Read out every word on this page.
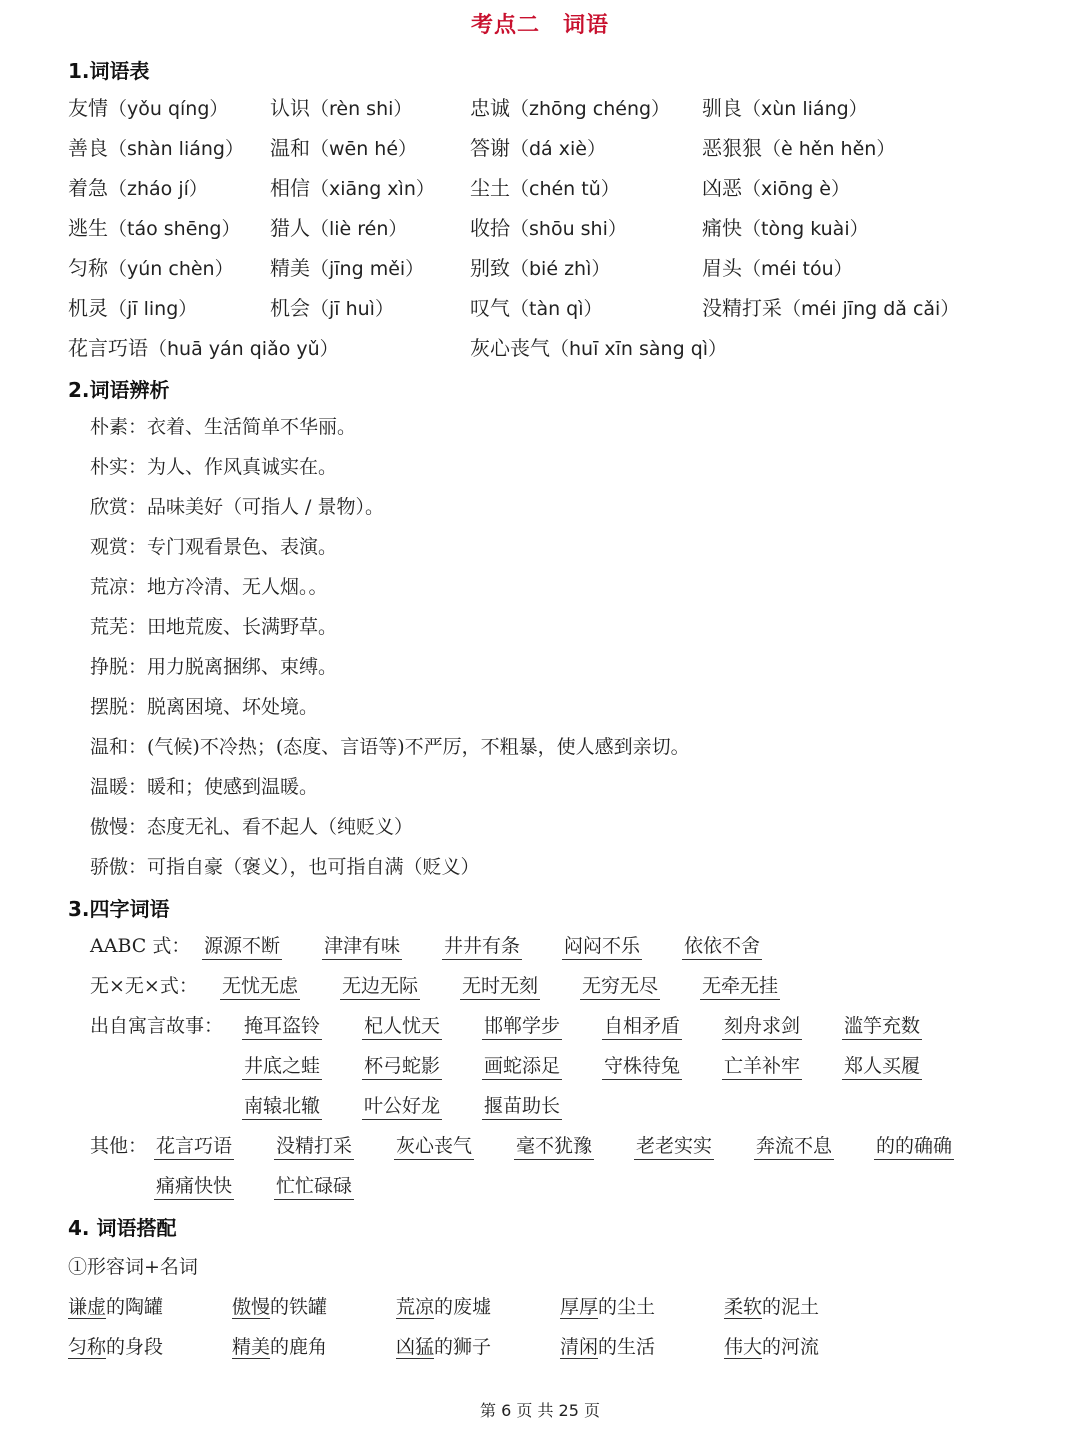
考点二　词语
1.词语表
友情（yǒu qíng） 认识（rèn shi）	忠诚（zhōng chéng） 驯良（xùn liáng）
善良（shàn liáng） 温和（wēn hé）	答谢（dá xiè）	恶狠狠（è hěn hěn）
着急（zháo jí）	相信（xiāng xìn） 尘土（chén tǔ）	凶恶（xiōng è）
逃生（táo shēng） 猎人（liè rén）	收拾（shōu shi）	痛快（tòng kuài）
匀称（yún chèn） 精美（jīng měi） 别致（bié zhì）	眉头（méi tóu）
机灵（jī ling）	机会（jī huì）	叹气（tàn qì）	没精打采（méi jīng dǎ cǎi）
花言巧语（huā yán qiǎo yǔ）	灰心丧气（huī xīn sàng qì）
2.词语辨析
朴素：衣着、生活简单不华丽。
朴实：为人、作风真诚实在。
欣赏：品味美好（可指人 / 景物）。
观赏：专门观看景色、表演。
荒凉：地方冷清、无人烟。。
荒芜：田地荒废、长满野草。
挣脱：用力脱离捆绑、束缚。
摆脱：脱离困境、坏处境。
温和：(气候)不冷热；(态度、言语等)不严厉，不粗暴，使人感到亲切。
温暖：暖和；使感到温暖。
傲慢：态度无礼、看不起人（纯贬义）
骄傲：可指自豪（褒义），也可指自满（贬义）
3.四字词语
AABC 式： 源源不断 津津有味 井井有条 闷闷不乐 依依不舍
无×无×式： 无忧无虑 无边无际 无时无刻 无穷无尽 无牵无挂
出自寓言故事： 掩耳盗铃 杞人忧天 邯郸学步 自相矛盾 刻舟求剑 滥竽充数
井底之蛙 杯弓蛇影 画蛇添足 守株待兔 亡羊补牢 郑人买履
南辕北辙 叶公好龙 揠苗助长
其他： 花言巧语 没精打采 灰心丧气 毫不犹豫 老老实实 奔流不息 的的确确
痛痛快快 忙忙碌碌
4. 词语搭配
①形容词+名词
谦虚的陶罐	傲慢的铁罐	荒凉的废墟	厚厚的尘土	柔软的泥土
匀称的身段	精美的鹿角	凶猛的狮子	清闲的生活	伟大的河流
第 6 页 共 25 页
